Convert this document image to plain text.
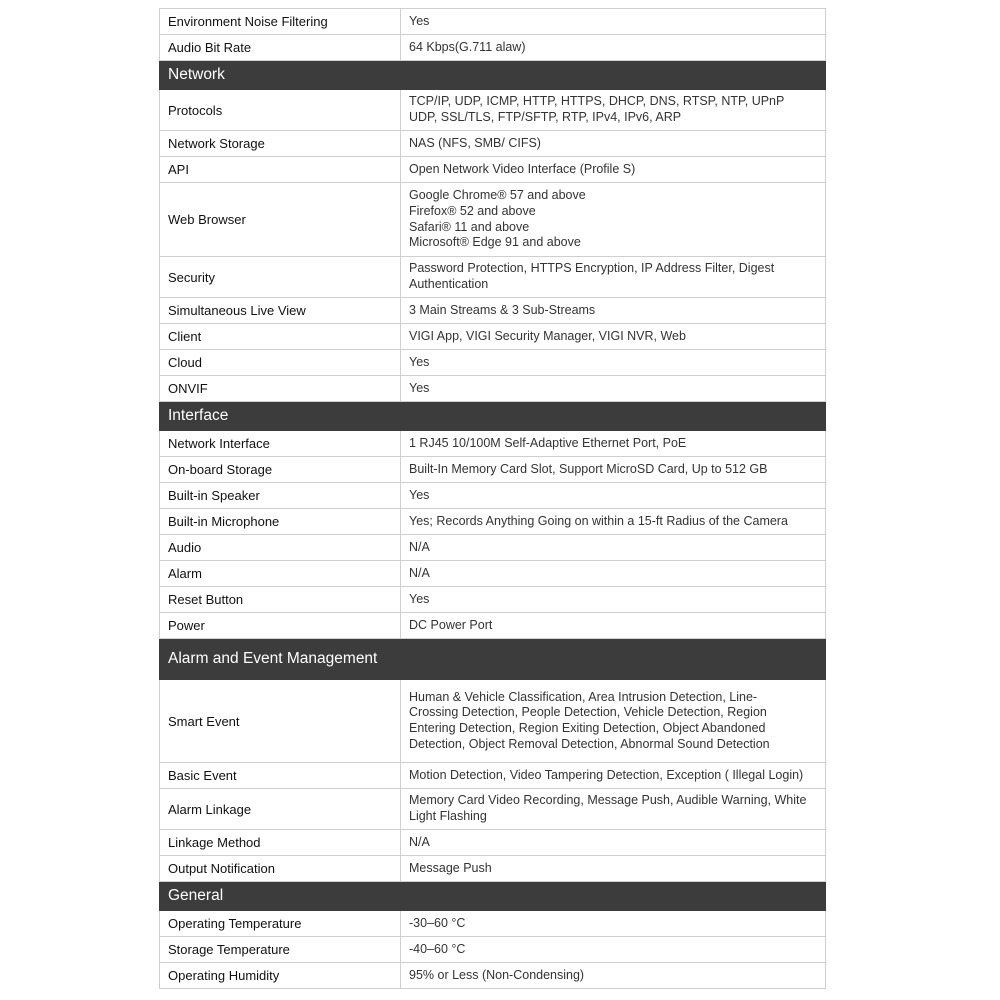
Environment Noise Filtering	Yes

Audio Bit Rate	64 Kbps(G.711 alaw)

Network	
Protocols	TCP/IP, UDP, ICMP, HTTP, HTTPS, DHCP, DNS, RTSP, NTP, UPnP
UDP, SSL/TLS, FTP/SFTP, RTP, IPv4, IPv6, ARP

Network Storage	NAS (NFS, SMB/ CIFS)

API	Open Network Video Interface (Profile S)

Web Browser	Google Chrome® 57 and above
Firefox® 52 and above
Safari® 11 and above
Microsoft® Edge 91 and above

Security	Password Protection, HTTPS Encryption, IP Address Filter, Digest
Authentication

Simultaneous Live View	3 Main Streams & 3 Sub-Streams

Client	VIGI App, VIGI Security Manager, VIGI NVR, Web

Cloud	Yes

ONVIF	Yes

Interface	
Network Interface	1 RJ45 10/100M Self-Adaptive Ethernet Port, PoE

On-board Storage	Built-In Memory Card Slot, Support MicroSD Card, Up to 512 GB

Built-in Speaker	Yes

Built-in Microphone	Yes; Records Anything Going on within a 15-ft Radius of the Camera

Audio	N/A

Alarm	N/A

Reset Button	Yes

Power	DC Power Port

Alarm and Event Management	
Smart Event	Human & Vehicle Classification, Area Intrusion Detection, Line-
Crossing Detection, People Detection, Vehicle Detection, Region
Entering Detection, Region Exiting Detection, Object Abandoned
Detection, Object Removal Detection, Abnormal Sound Detection

Basic Event	Motion Detection, Video Tampering Detection, Exception ( Illegal Login)

Alarm Linkage	Memory Card Video Recording, Message Push, Audible Warning, White
Light Flashing

Linkage Method	N/A

Output Notification	Message Push

General	
Operating Temperature	-30–60 °C

Storage Temperature	-40–60 °C

Operating Humidity	95% or Less (Non-Condensing)
